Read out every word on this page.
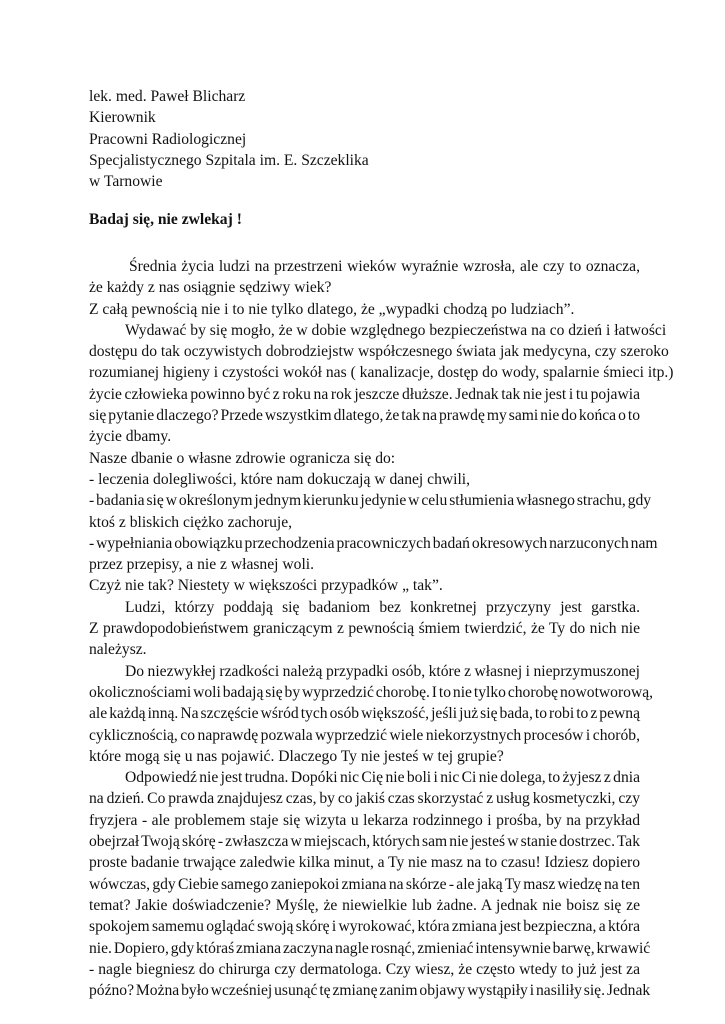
lek. med. Paweł Blicharz
Kierownik
Pracowni Radiologicznej
Specjalistycznego Szpitala im. E. Szczeklika
w Tarnowie
Badaj się, nie zwlekaj !
Średnia życia ludzi na przestrzeni wieków wyraźnie wzrosła, ale czy to oznacza,
że każdy z nas osiągnie sędziwy wiek?
Z całą pewnością nie i to nie tylko dlatego, że „wypadki chodzą po ludziach”.
Wydawać by się mogło, że w dobie względnego bezpieczeństwa na co dzień i łatwości
dostępu do tak oczywistych dobrodziejstw współczesnego świata jak medycyna, czy szeroko
rozumianej higieny i czystości wokół nas ( kanalizacje, dostęp do wody, spalarnie śmieci itp.)
życie człowieka powinno być z roku na rok jeszcze dłuższe. Jednak tak nie jest i tu pojawia
się pytanie dlaczego? Przede wszystkim dlatego, że tak na prawdę my sami nie do końca o to
życie dbamy.
Nasze dbanie o własne zdrowie ogranicza się do:
- leczenia dolegliwości, które nam dokuczają w danej chwili,
- badania się w określonym jednym kierunku jedynie w celu stłumienia własnego strachu, gdy
ktoś z bliskich ciężko zachoruje,
- wypełniania obowiązku przechodzenia pracowniczych badań okresowych narzuconych nam
przez przepisy, a nie z własnej woli.
Czyż nie tak? Niestety w większości przypadków „ tak”.
Ludzi, którzy poddają się badaniom bez konkretnej przyczyny jest garstka.
Z prawdopodobieństwem graniczącym z pewnością śmiem twierdzić, że Ty do nich nie
należysz.
Do niezwykłej rzadkości należą przypadki osób, które z własnej i nieprzymuszonej
okolicznościami woli badają się by wyprzedzić chorobę. I to nie tylko chorobę nowotworową,
ale każdą inną. Na szczęście wśród tych osób większość, jeśli już się bada, to robi to z pewną
cyklicznością, co naprawdę pozwala wyprzedzić wiele niekorzystnych procesów i chorób,
które mogą się u nas pojawić. Dlaczego Ty nie jesteś w tej grupie?
Odpowiedź nie jest trudna. Dopóki nic Cię nie boli i nic Ci nie dolega, to żyjesz z dnia
na dzień. Co prawda znajdujesz czas, by co jakiś czas skorzystać z usług kosmetyczki, czy
fryzjera - ale problemem staje się wizyta u lekarza rodzinnego i prośba, by na przykład
obejrzał Twoją skórę - zwłaszcza w miejscach, których sam nie jesteś w stanie dostrzec. Tak
proste badanie trwające zaledwie kilka minut, a Ty nie masz na to czasu! Idziesz dopiero
wówczas, gdy Ciebie samego zaniepokoi zmiana na skórze - ale jaką Ty masz wiedzę na ten
temat? Jakie doświadczenie? Myślę, że niewielkie lub żadne. A jednak nie boisz się ze
spokojem samemu oglądać swoją skórę i wyrokować, która zmiana jest bezpieczna, a która
nie. Dopiero, gdy któraś zmiana zaczyna nagle rosnąć, zmieniać intensywnie barwę, krwawić
- nagle biegniesz do chirurga czy dermatologa. Czy wiesz, że często wtedy to już jest za
późno? Można było wcześniej usunąć tę zmianę zanim objawy wystąpiły i nasiliły się. Jednak
